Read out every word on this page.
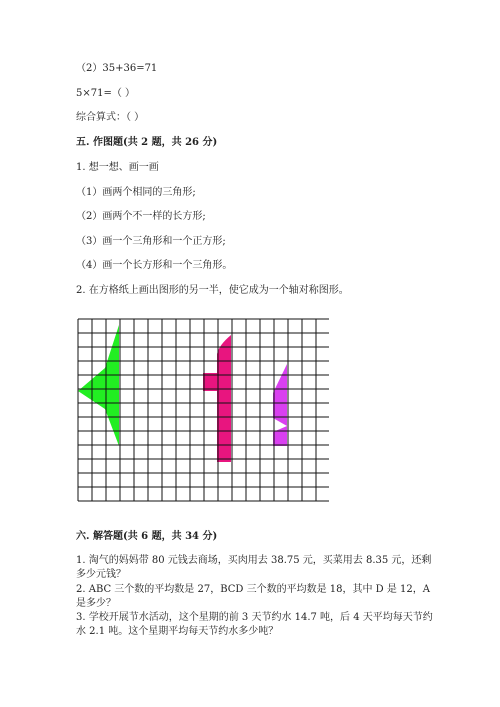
（2）35+36=71
5×71=（ ）
综合算式：（ ）
五. 作图题(共 2 题，共 26 分)
1. 想一想、画一画
（1）画两个相同的三角形;
（2）画两个不一样的长方形;
（3）画一个三角形和一个正方形;
（4）画一个长方形和一个三角形。
2. 在方格纸上画出图形的另一半，使它成为一个轴对称图形。
六. 解答题(共 6 题，共 34 分)
1. 淘气的妈妈带 80 元钱去商场，买肉用去 38.75 元，买菜用去 8.35 元，还剩多少元钱？
2. ABC 三个数的平均数是 27，BCD 三个数的平均数是 18，其中 D 是 12，A 是多少？
3. 学校开展节水活动，这个星期的前 3 天节约水 14.7 吨，后 4 天平均每天节约水 2.1 吨。这个星期平均每天节约水多少吨？
